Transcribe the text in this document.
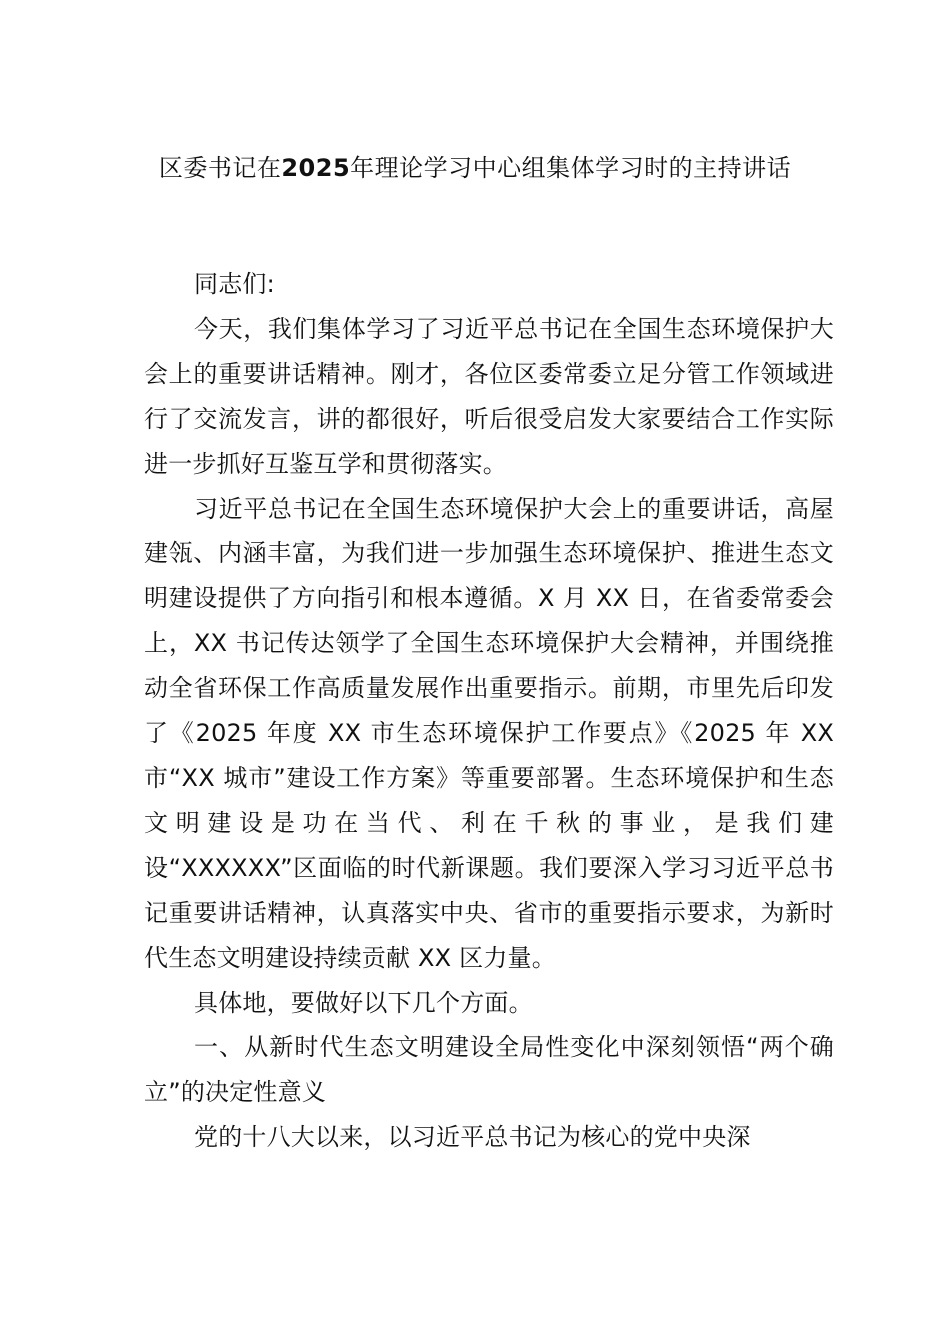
区委书记在2025年理论学习中心组集体学习时的主持讲话

同志们:

今天，我们集体学习了习近平总书记在全国生态环境保护大会上的重要讲话精神。刚才，各位区委常委立足分管工作领域进行了交流发言，讲的都很好，听后很受启发大家要结合工作实际进一步抓好互鉴互学和贯彻落实。

习近平总书记在全国生态环境保护大会上的重要讲话，高屋建瓴、内涵丰富，为我们进一步加强生态环境保护、推进生态文明建设提供了方向指引和根本遵循。X 月 XX 日，在省委常委会上，XX 书记传达领学了全国生态环境保护大会精神，并围绕推动全省环保工作高质量发展作出重要指示。前期，市里先后印发了《2025 年度 XX 市生态环境保护工作要点》《2025 年 XX 市“XX 城市”建设工作方案》等重要部署。生态环境保护和生态文明建设是功在当代、利在千秋的事业，是我们建设“XXXXXX”区面临的时代新课题。我们要深入学习习近平总书记重要讲话精神，认真落实中央、省市的重要指示要求，为新时代生态文明建设持续贡献 XX 区力量。

具体地，要做好以下几个方面。

一、从新时代生态文明建设全局性变化中深刻领悟“两个确立”的决定性意义

党的十八大以来，以习近平总书记为核心的党中央深
